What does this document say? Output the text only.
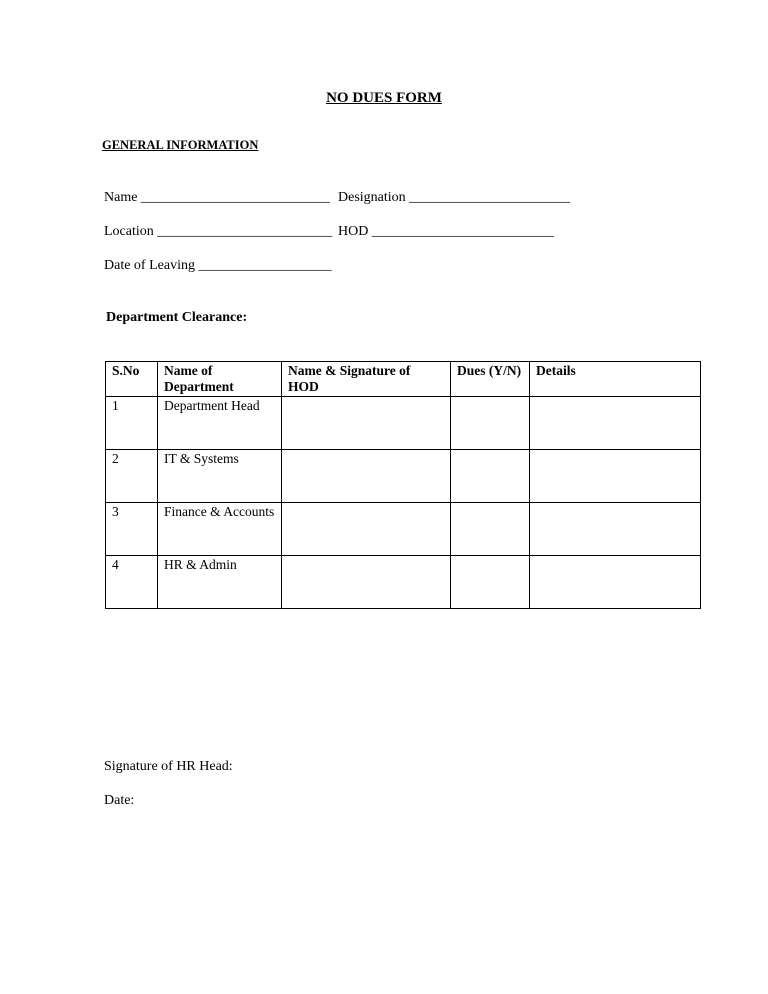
NO DUES FORM
GENERAL INFORMATION
Name ___________________________ Designation _______________________
Location _________________________ HOD __________________________
Date of Leaving ___________________
Department Clearance:
S.No	Name of Department	Name & Signature of HOD	Dues (Y/N)	Details
1	Department Head			
2	IT & Systems			
3	Finance & Accounts			
4	HR & Admin			
Signature of HR Head:
Date:
